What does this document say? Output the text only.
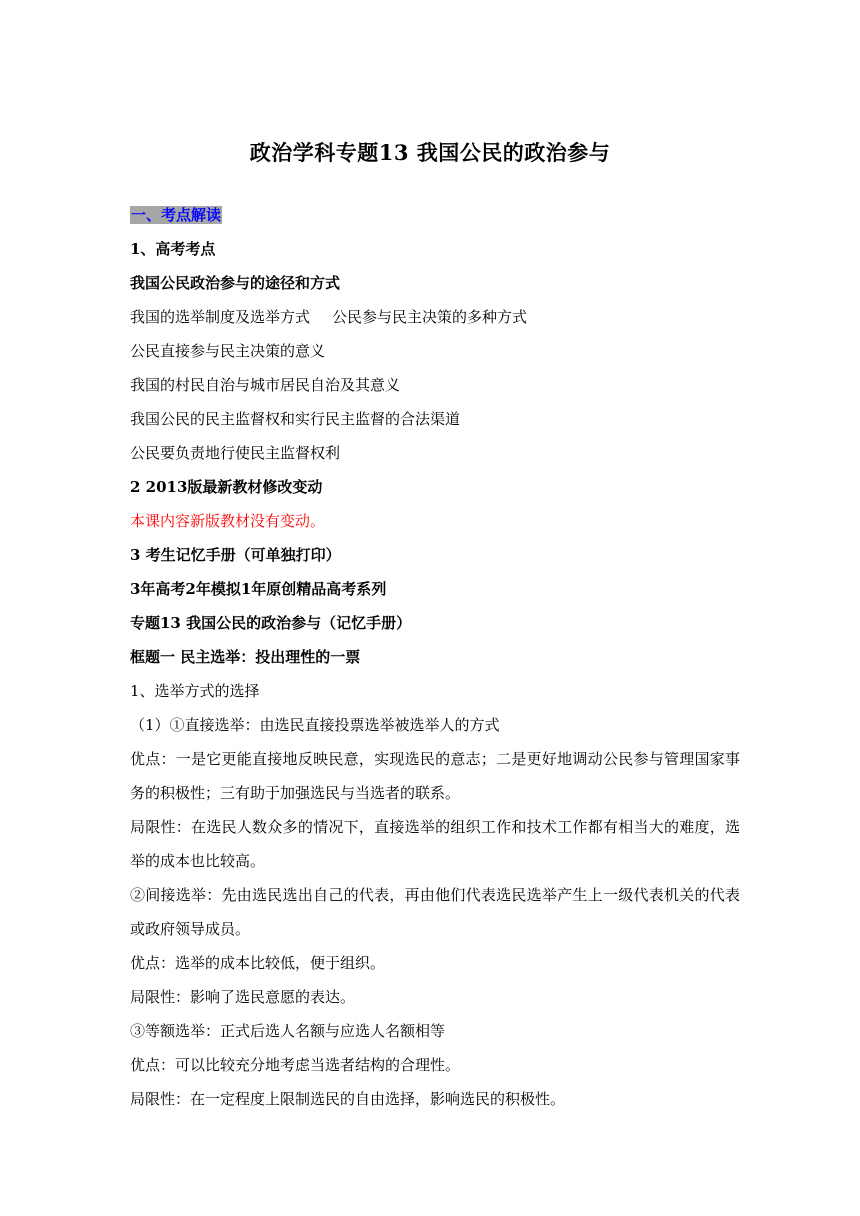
政治学科专题13 我国公民的政治参与
一、考点解读
1、高考考点
我国公民政治参与的途径和方式
我国的选举制度及选举方式 公民参与民主决策的多种方式
公民直接参与民主决策的意义
我国的村民自治与城市居民自治及其意义
我国公民的民主监督权和实行民主监督的合法渠道
公民要负责地行使民主监督权利
2 2013版最新教材修改变动
本课内容新版教材没有变动。
3 考生记忆手册（可单独打印）
3年高考2年模拟1年原创精品高考系列
专题13 我国公民的政治参与（记忆手册）
框题一 民主选举：投出理性的一票
1、选举方式的选择
（1）①直接选举：由选民直接投票选举被选举人的方式
优点：一是它更能直接地反映民意，实现选民的意志；二是更好地调动公民参与管理国家事务的积极性；三有助于加强选民与当选者的联系。
局限性：在选民人数众多的情况下，直接选举的组织工作和技术工作都有相当大的难度，选举的成本也比较高。
②间接选举：先由选民选出自己的代表，再由他们代表选民选举产生上一级代表机关的代表或政府领导成员。
优点：选举的成本比较低，便于组织。
局限性：影响了选民意愿的表达。
③等额选举：正式后选人名额与应选人名额相等
优点：可以比较充分地考虑当选者结构的合理性。
局限性：在一定程度上限制选民的自由选择，影响选民的积极性。
